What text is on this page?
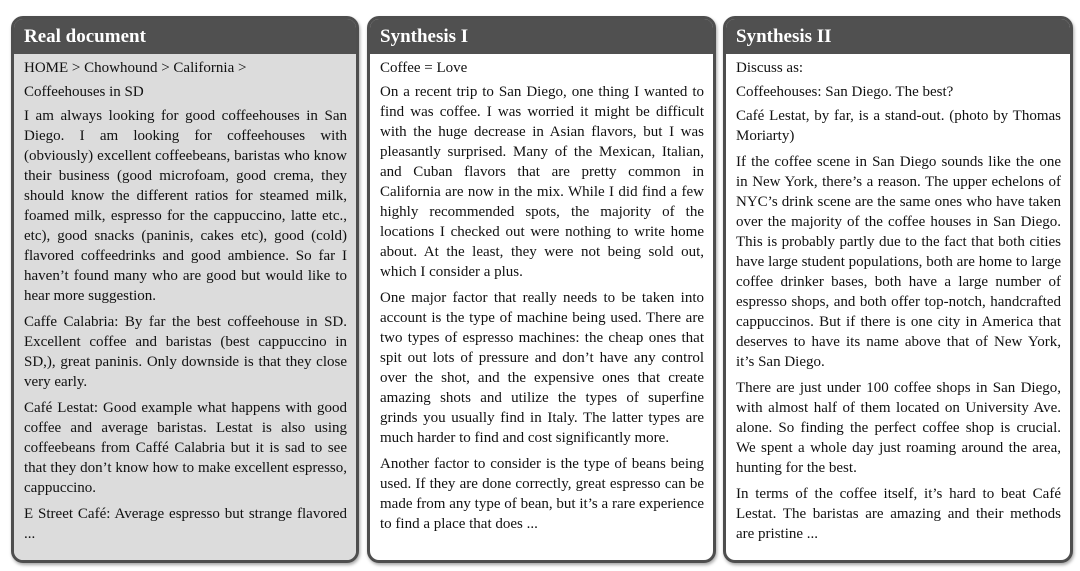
Real document

HOME > Chowhound > California >

Coffeehouses in SD

I am always looking for good coffeehouses in San Diego. I am looking for coffeehouses with (obviously) excellent coffeebeans, baristas who know their business (good microfoam, good crema, they should know the different ratios for steamed milk, foamed milk, espresso for the cappuccino, latte etc., etc), good snacks (paninis, cakes etc), good (cold) flavored coffeedrinks and good ambience. So far I haven’t found many who are good but would like to hear more suggestion.

Caffe Calabria: By far the best coffeehouse in SD. Excellent coffee and baristas (best cappuccino in SD,), great paninis. Only downside is that they close very early.

Café Lestat: Good example what happens with good coffee and average baristas. Lestat is also using coffeebeans from Caffé Calabria but it is sad to see that they don’t know how to make excellent espresso, cappuccino.

E Street Café: Average espresso but strange flavored ...

Synthesis I

Coffee = Love

On a recent trip to San Diego, one thing I wanted to find was coffee. I was worried it might be difficult with the huge decrease in Asian flavors, but I was pleasantly surprised. Many of the Mexican, Italian, and Cuban flavors that are pretty common in California are now in the mix. While I did find a few highly recommended spots, the majority of the locations I checked out were nothing to write home about. At the least, they were not being sold out, which I consider a plus.

One major factor that really needs to be taken into account is the type of machine being used. There are two types of espresso machines: the cheap ones that spit out lots of pressure and don’t have any control over the shot, and the expensive ones that create amazing shots and utilize the types of superfine grinds you usually find in Italy. The latter types are much harder to find and cost significantly more.

Another factor to consider is the type of beans being used. If they are done correctly, great espresso can be made from any type of bean, but it’s a rare experience to find a place that does ...

Synthesis II

Discuss as:

Coffeehouses: San Diego. The best?

Café Lestat, by far, is a stand-out. (photo by Thomas Moriarty)

If the coffee scene in San Diego sounds like the one in New York, there’s a reason. The upper echelons of NYC’s drink scene are the same ones who have taken over the majority of the coffee houses in San Diego. This is probably partly due to the fact that both cities have large student populations, both are home to large coffee drinker bases, both have a large number of espresso shops, and both offer top-notch, handcrafted cappuccinos. But if there is one city in America that deserves to have its name above that of New York, it’s San Diego.

There are just under 100 coffee shops in San Diego, with almost half of them located on University Ave. alone. So finding the perfect coffee shop is crucial. We spent a whole day just roaming around the area, hunting for the best.

In terms of the coffee itself, it’s hard to beat Café Lestat. The baristas are amazing and their methods are pristine ...
